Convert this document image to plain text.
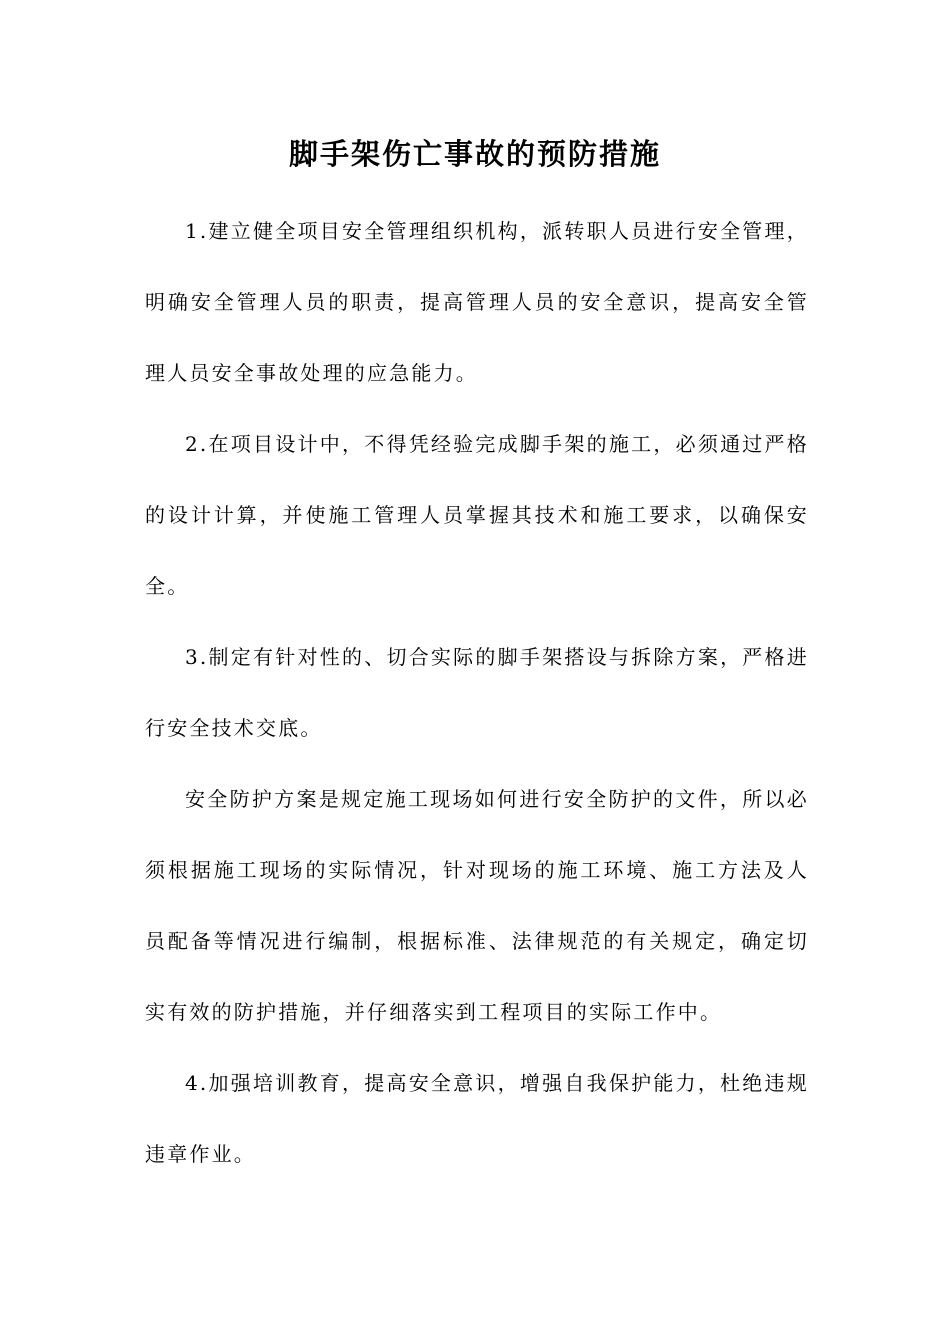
脚手架伤亡事故的预防措施

1.建立健全项目安全管理组织机构，派转职人员进行安全管理，明确安全管理人员的职责，提高管理人员的安全意识，提高安全管理人员安全事故处理的应急能力。

2.在项目设计中，不得凭经验完成脚手架的施工，必须通过严格的设计计算，并使施工管理人员掌握其技术和施工要求，以确保安全。

3.制定有针对性的、切合实际的脚手架搭设与拆除方案，严格进行安全技术交底。

安全防护方案是规定施工现场如何进行安全防护的文件，所以必须根据施工现场的实际情况，针对现场的施工环境、施工方法及人员配备等情况进行编制，根据标准、法律规范的有关规定，确定切实有效的防护措施，并仔细落实到工程项目的实际工作中。

4.加强培训教育，提高安全意识，增强自我保护能力，杜绝违规违章作业。
